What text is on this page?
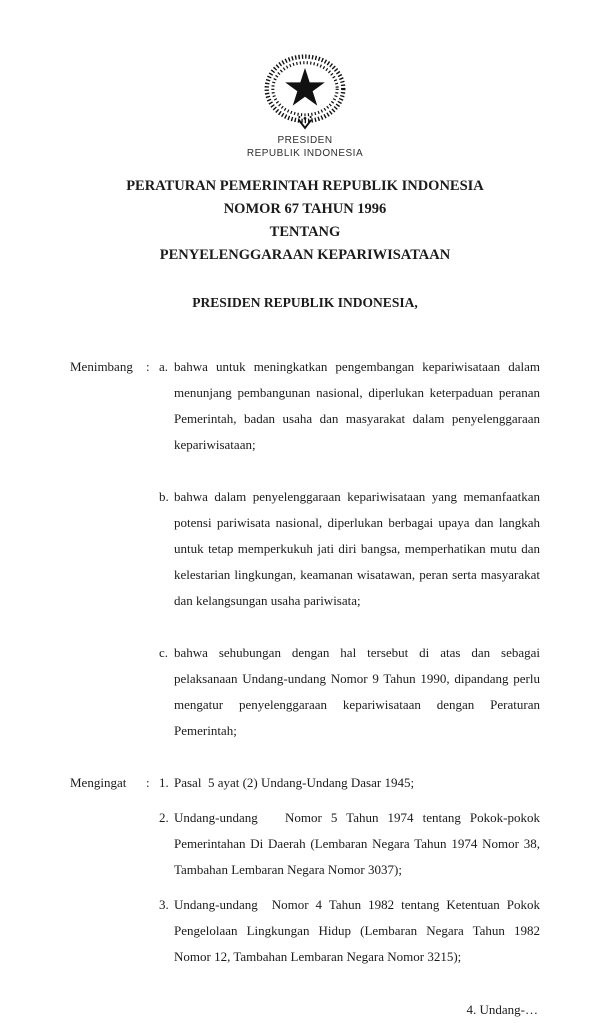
PRESIDEN
REPUBLIK INDONESIA
PERATURAN PEMERINTAH REPUBLIK INDONESIA
NOMOR 67 TAHUN 1996
TENTANG
PENYELENGGARAAN KEPARIWISATAAN
PRESIDEN REPUBLIK INDONESIA,
Menimbang	: a. bahwa untuk meningkatkan pengembangan kepariwisataan dalam menunjang pembangunan nasional, diperlukan keterpaduan peranan Pemerintah, badan usaha dan masyarakat dalam penyelenggaraan kepariwisataan;
b. bahwa dalam penyelenggaraan kepariwisataan yang memanfaatkan potensi pariwisata nasional, diperlukan berbagai upaya dan langkah untuk tetap memperkukuh jati diri bangsa, memperhatikan mutu dan kelestarian lingkungan, keamanan wisatawan, peran serta masyarakat dan kelangsungan usaha pariwisata;
c. bahwa sehubungan dengan hal tersebut di atas dan sebagai pelaksanaan Undang-undang Nomor 9 Tahun 1990, dipandang perlu mengatur penyelenggaraan kepariwisataan dengan Peraturan Pemerintah;
Mengingat	: 1. Pasal  5 ayat (2) Undang-Undang Dasar 1945;
2. Undang-undang   Nomor 5 Tahun 1974 tentang Pokok-pokok Pemerintahan Di Daerah (Lembaran Negara Tahun 1974 Nomor 38, Tambahan Lembaran Negara Nomor 3037);
3. Undang-undang  Nomor 4 Tahun 1982 tentang Ketentuan Pokok Pengelolaan Lingkungan Hidup (Lembaran Negara Tahun 1982 Nomor 12, Tambahan Lembaran Negara Nomor 3215);
4. Undang-…
